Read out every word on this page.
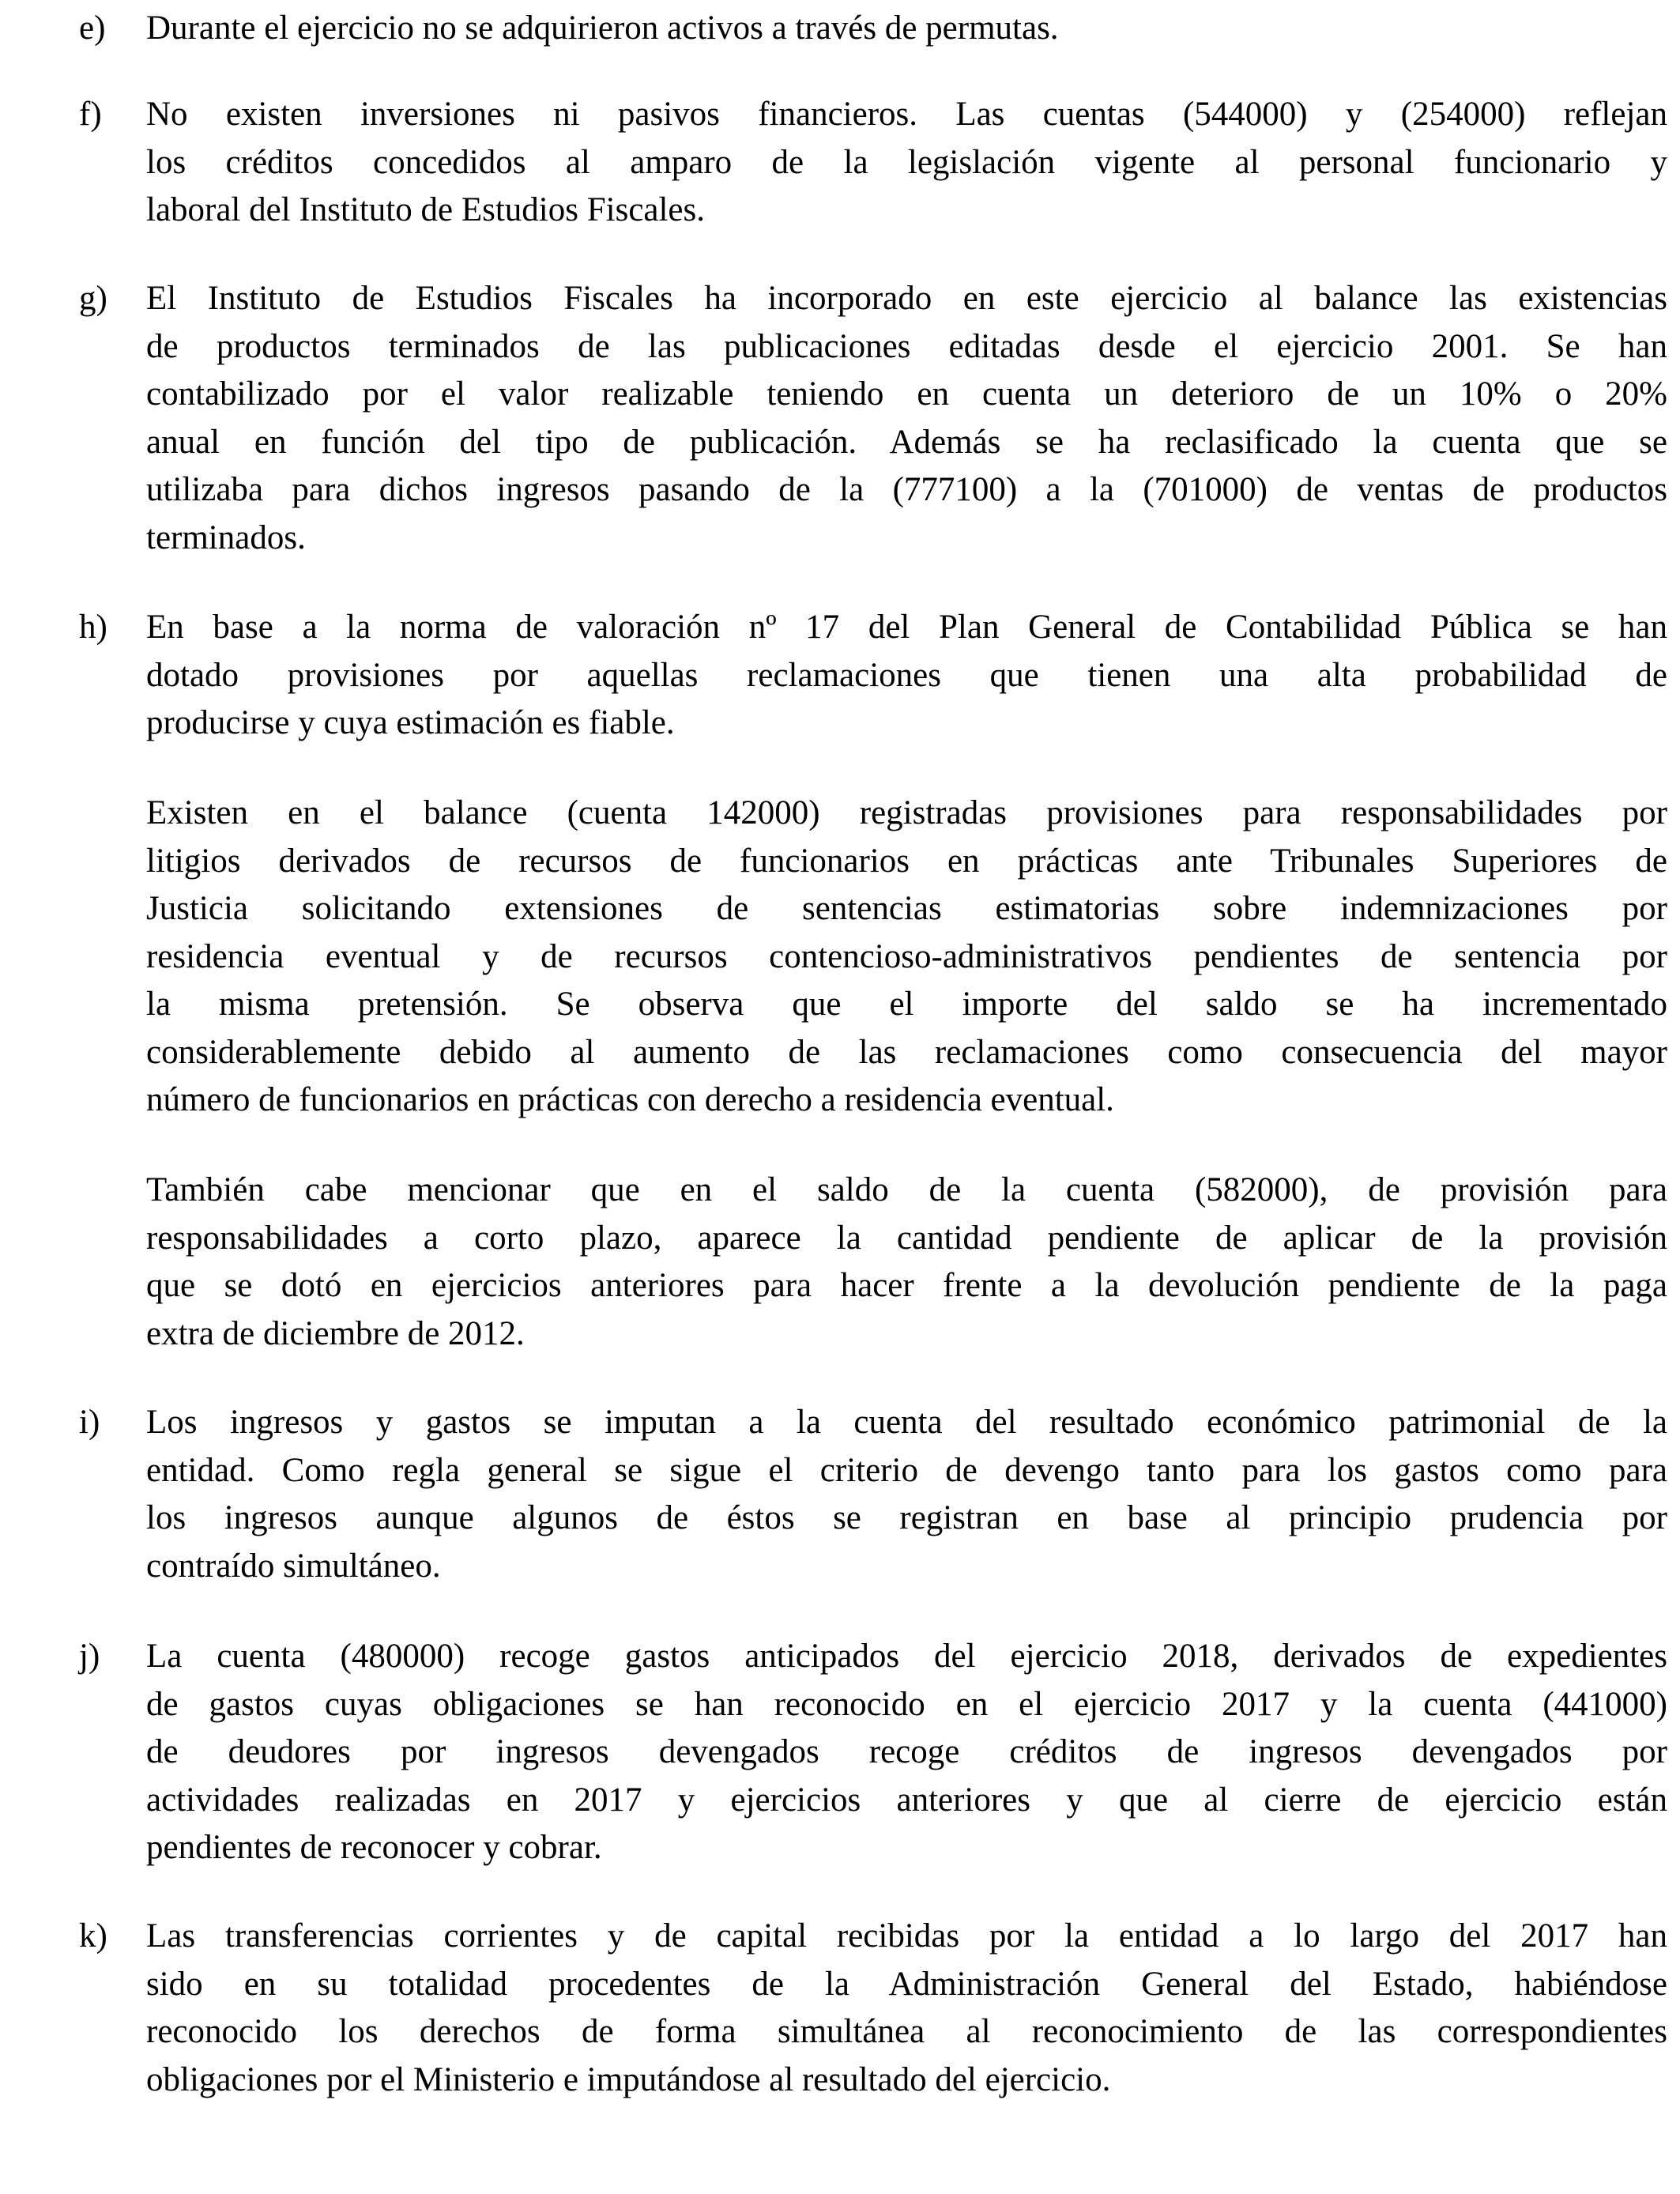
e) Durante el ejercicio no se adquirieron activos a través de permutas.
f) No existen inversiones ni pasivos financieros. Las cuentas (544000) y (254000) reflejan
los créditos concedidos al amparo de la legislación vigente al personal funcionario y
laboral del Instituto de Estudios Fiscales.
g) El Instituto de Estudios Fiscales ha incorporado en este ejercicio al balance las existencias
de productos terminados de las publicaciones editadas desde el ejercicio 2001. Se han
contabilizado por el valor realizable teniendo en cuenta un deterioro de un 10% o 20%
anual en función del tipo de publicación. Además se ha reclasificado la cuenta que se
utilizaba para dichos ingresos pasando de la (777100) a la (701000) de ventas de productos
terminados.
h) En base a la norma de valoración nº 17 del Plan General de Contabilidad Pública se han
dotado provisiones por aquellas reclamaciones que tienen una alta probabilidad de
producirse y cuya estimación es fiable.
Existen en el balance (cuenta 142000) registradas provisiones para responsabilidades por
litigios derivados de recursos de funcionarios en prácticas ante Tribunales Superiores de
Justicia solicitando extensiones de sentencias estimatorias sobre indemnizaciones por
residencia eventual y de recursos contencioso-administrativos pendientes de sentencia por
la misma pretensión. Se observa que el importe del saldo se ha incrementado
considerablemente debido al aumento de las reclamaciones como consecuencia del mayor
número de funcionarios en prácticas con derecho a residencia eventual.
También cabe mencionar que en el saldo de la cuenta (582000), de provisión para
responsabilidades a corto plazo, aparece la cantidad pendiente de aplicar de la provisión
que se dotó en ejercicios anteriores para hacer frente a la devolución pendiente de la paga
extra de diciembre de 2012.
i) Los ingresos y gastos se imputan a la cuenta del resultado económico patrimonial de la
entidad. Como regla general se sigue el criterio de devengo tanto para los gastos como para
los ingresos aunque algunos de éstos se registran en base al principio prudencia por
contraído simultáneo.
j) La cuenta (480000) recoge gastos anticipados del ejercicio 2018, derivados de expedientes
de gastos cuyas obligaciones se han reconocido en el ejercicio 2017 y la cuenta (441000)
de deudores por ingresos devengados recoge créditos de ingresos devengados por
actividades realizadas en 2017 y ejercicios anteriores y que al cierre de ejercicio están
pendientes de reconocer y cobrar.
k) Las transferencias corrientes y de capital recibidas por la entidad a lo largo del 2017 han
sido en su totalidad procedentes de la Administración General del Estado, habiéndose
reconocido los derechos de forma simultánea al reconocimiento de las correspondientes
obligaciones por el Ministerio e imputándose al resultado del ejercicio.
